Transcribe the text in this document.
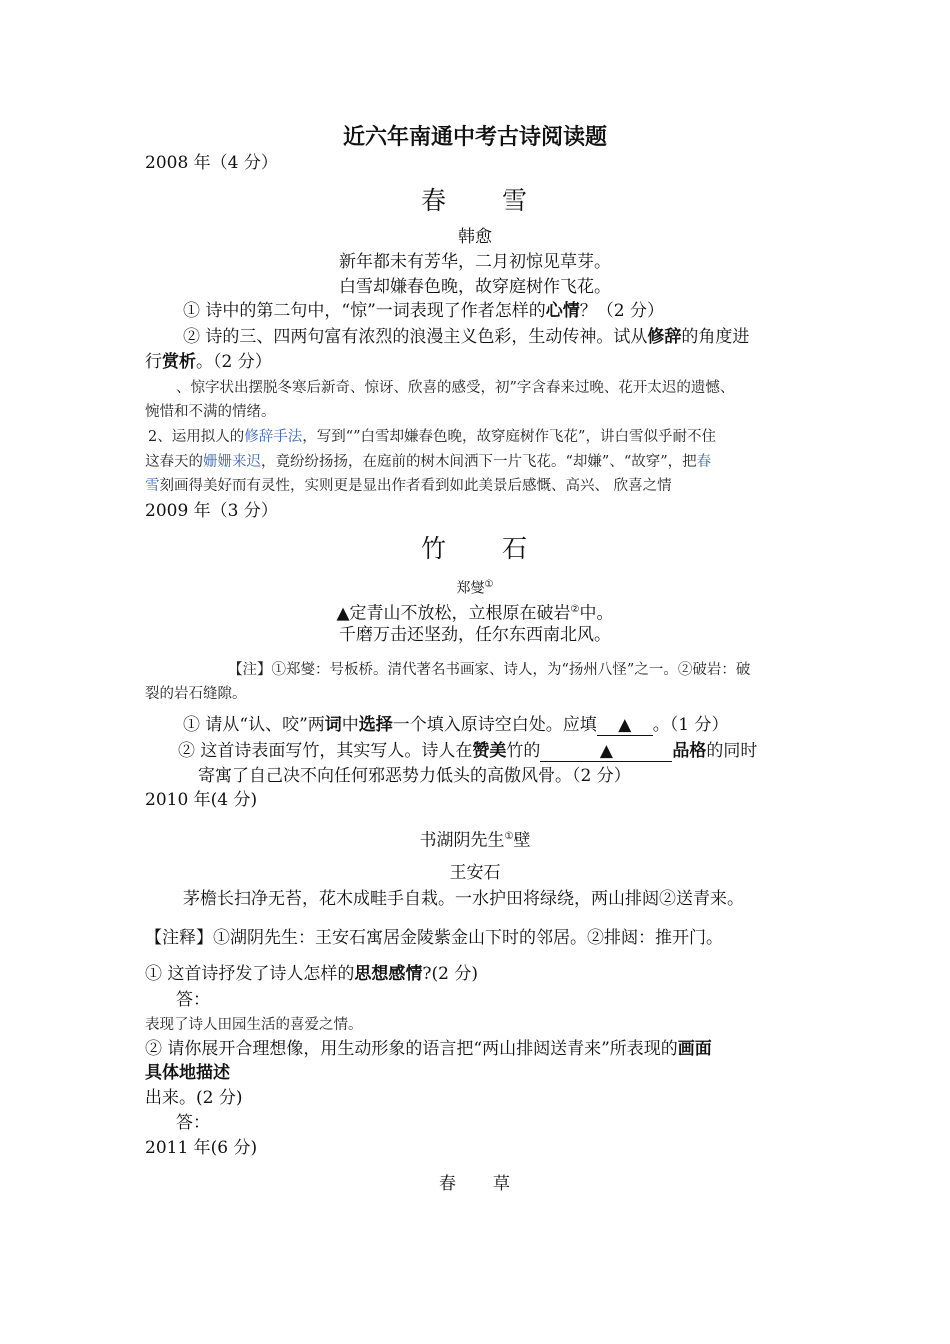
近六年南通中考古诗阅读题
2008 年（4 分）
春　　雪
韩愈
新年都未有芳华，二月初惊见草芽。
白雪却嫌春色晚，故穿庭树作飞花。
① 诗中的第二句中，“惊”一词表现了作者怎样的心情？（2 分）
② 诗的三、四两句富有浓烈的浪漫主义色彩，生动传神。试从修辞的角度进
行赏析。（2 分）
、惊字状出摆脱冬寒后新奇、惊讶、欣喜的感受，初”字含春来过晚、花开太迟的遗憾、
惋惜和不满的情绪。
2、运用拟人的修辞手法，写到“”白雪却嫌春色晚，故穿庭树作飞花”，讲白雪似乎耐不住
这春天的姗姗来迟，竟纷纷扬扬，在庭前的树木间洒下一片飞花。“却嫌”、“故穿”，把春
雪刻画得美好而有灵性，实则更是显出作者看到如此美景后感慨、高兴、 欣喜之情
2009 年（3 分）
竹　　石
郑燮①
▲定青山不放松，立根原在破岩②中。
千磨万击还坚劲，任尔东西南北风。
【注】①郑燮：号板桥。清代著名书画家、诗人，为“扬州八怪”之一。②破岩：破
裂的岩石缝隙。
① 请从“认、咬”两词中选择一个填入原诗空白处。应填 ▲ 。（1 分）
② 这首诗表面写竹，其实写人。诗人在赞美竹的	▲	品格的同时
寄寓了自己决不向任何邪恶势力低头的高傲风骨。（2 分）
2010 年(4 分)
书湖阴先生①壁
王安石
茅檐长扫净无苔，花木成畦手自栽。一水护田将绿绕，两山排闼②送青来。
【注释】①湖阴先生：王安石寓居金陵紫金山下时的邻居。②排闼：推开门。
① 这首诗抒发了诗人怎样的思想感情?(2 分)
答：
表现了诗人田园生活的喜爱之情。
② 请你展开合理想像，用生动形象的语言把“两山排闼送青来”所表现的画面
具体地描述
出来。(2 分)
答：
2011 年(6 分)
春　　草
